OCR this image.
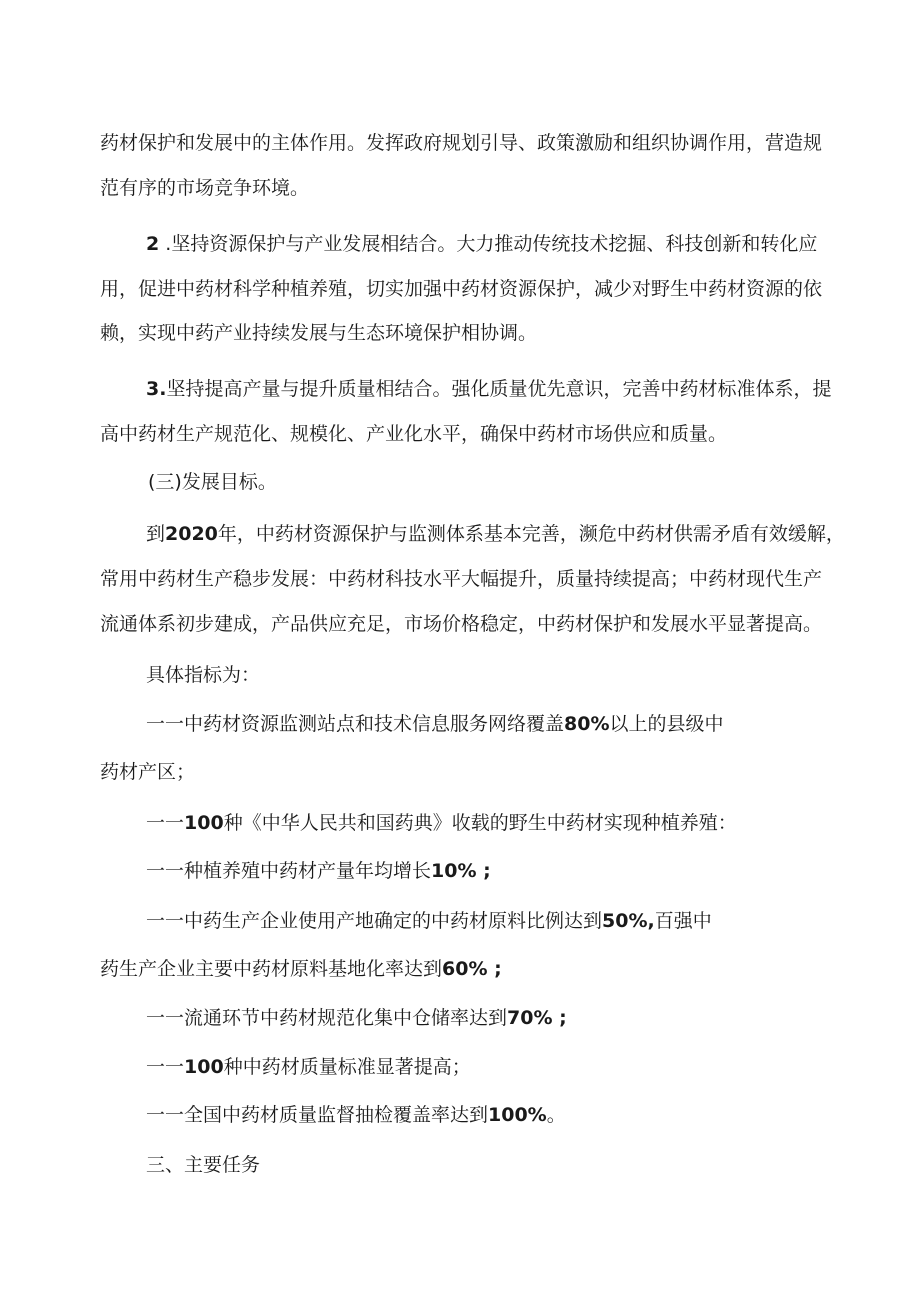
药材保护和发展中的主体作用。发挥政府规划引导、政策激励和组织协调作用，营造规
范有序的市场竞争环境。
2 .坚持资源保护与产业发展相结合。大力推动传统技术挖掘、科技创新和转化应
用，促进中药材科学种植养殖，切实加强中药材资源保护，减少对野生中药材资源的依
赖，实现中药产业持续发展与生态环境保护相协调。
3.坚持提高产量与提升质量相结合。强化质量优先意识，完善中药材标准体系，提
高中药材生产规范化、规模化、产业化水平，确保中药材市场供应和质量。
(三)发展目标。
到2020年，中药材资源保护与监测体系基本完善，濒危中药材供需矛盾有效缓解，
常用中药材生产稳步发展：中药材科技水平大幅提升，质量持续提高；中药材现代生产
流通体系初步建成，产品供应充足，市场价格稳定，中药材保护和发展水平显著提高。
具体指标为：
一一中药材资源监测站点和技术信息服务网络覆盖80%以上的县级中
药材产区；
一一100种《中华人民共和国药典》收载的野生中药材实现种植养殖：
一一种植养殖中药材产量年均增长10% ;
一一中药生产企业使用产地确定的中药材原料比例达到50%,百强中
药生产企业主要中药材原料基地化率达到60% ;
一一流通环节中药材规范化集中仓储率达到70% ;
一一100种中药材质量标准显著提高；
一一全国中药材质量监督抽检覆盖率达到100%。
三、主要任务
